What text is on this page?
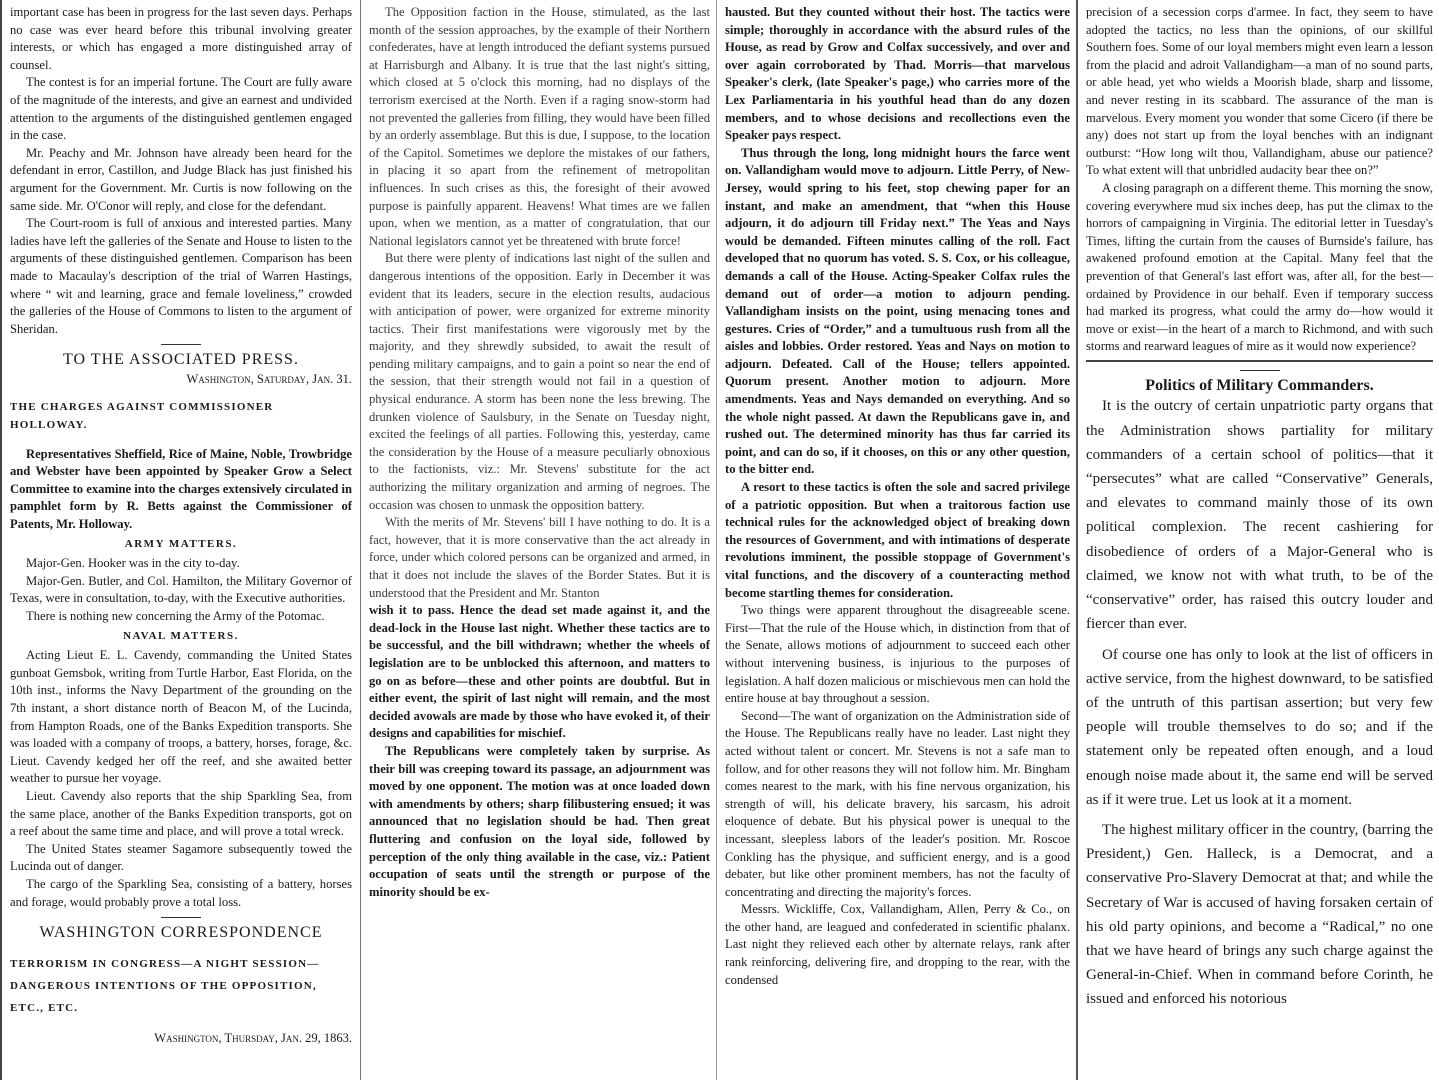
important case has been in progress for the last seven days. Perhaps no case was ever heard before this tribunal involving greater interests, or which has engaged a more distinguished array of counsel.

The contest is for an imperial fortune. The Court are fully aware of the magnitude of the interests, and give an earnest and undivided attention to the arguments of the distinguished gentlemen engaged in the case.

Mr. Peachy and Mr. Johnson have already been heard for the defendant in error, Castillon, and Judge Black has just finished his argument for the Government. Mr. Curtis is now following on the same side. Mr. O'Conor will reply, and close for the defendant.

The Court-room is full of anxious and interested parties. Many ladies have left the galleries of the Senate and House to listen to the arguments of these distinguished gentlemen. Comparison has been made to Macaulay's description of the trial of Warren Hastings, where “ wit and learning, grace and female loveliness,” crowded the galleries of the House of Commons to listen to the argument of Sheridan.

TO THE ASSOCIATED PRESS.

Washington, Saturday, Jan. 31.

THE CHARGES AGAINST COMMISSIONER HOLLOWAY.

Representatives Sheffield, Rice of Maine, Noble, Trowbridge and Webster have been appointed by Speaker Grow a Select Committee to examine into the charges extensively circulated in pamphlet form by R. Betts against the Commissioner of Patents, Mr. Holloway.

ARMY MATTERS.

Major-Gen. Hooker was in the city to-day.

Major-Gen. Butler, and Col. Hamilton, the Military Governor of Texas, were in consultation, to-day, with the Executive authorities.

There is nothing new concerning the Army of the Potomac.

NAVAL MATTERS.

Acting Lieut E. L. Cavendy, commanding the United States gunboat Gemsbok, writing from Turtle Harbor, East Florida, on the 10th inst., informs the Navy Department of the grounding on the 7th instant, a short distance north of Beacon M, of the Lucinda, from Hampton Roads, one of the Banks Expedition transports. She was loaded with a company of troops, a battery, horses, forage, &c. Lieut. Cavendy kedged her off the reef, and she awaited better weather to pursue her voyage.

Lieut. Cavendy also reports that the ship Sparkling Sea, from the same place, another of the Banks Expedition transports, got on a reef about the same time and place, and will prove a total wreck.

The United States steamer Sagamore subsequently towed the Lucinda out of danger.

The cargo of the Sparkling Sea, consisting of a battery, horses and forage, would probably prove a total loss.

WASHINGTON CORRESPONDENCE

TERRORISM IN CONGRESS—A NIGHT SESSION—DANGEROUS INTENTIONS OF THE OPPOSITION, ETC., ETC.

Washington, Thursday, Jan. 29, 1863.

The Opposition faction in the House, stimulated, as the last month of the session approaches, by the example of their Northern confederates, have at length introduced the defiant systems pursued at Harrisburgh and Albany. It is true that the last night's sitting, which closed at 5 o'clock this morning, had no displays of the terrorism exercised at the North. Even if a raging snow-storm had not prevented the galleries from filling, they would have been filled by an orderly assemblage. But this is due, I suppose, to the location of the Capitol. Sometimes we deplore the mistakes of our fathers, in placing it so apart from the refinement of metropolitan influences. In such crises as this, the foresight of their avowed purpose is painfully apparent. Heavens! What times are we fallen upon, when we mention, as a matter of congratulation, that our National legislators cannot yet be threatened with brute force!

But there were plenty of indications last night of the sullen and dangerous intentions of the opposition. Early in December it was evident that its leaders, secure in the election results, audacious with anticipation of power, were organized for extreme minority tactics. Their first manifestations were vigorously met by the majority, and they shrewdly subsided, to await the result of pending military campaigns, and to gain a point so near the end of the session, that their strength would not fail in a question of physical endurance. A storm has been none the less brewing. The drunken violence of Saulsbury, in the Senate on Tuesday night, excited the feelings of all parties. Following this, yesterday, came the consideration by the House of a measure peculiarly obnoxious to the factionists, viz.: Mr. Stevens' substitute for the act authorizing the military organization and arming of negroes. The occasion was chosen to unmask the opposition battery.

With the merits of Mr. Stevens' bill I have nothing to do. It is a fact, however, that it is more conservative than the act already in force, under which colored persons can be organized and armed, in that it does not include the slaves of the Border States. But it is understood that the President and Mr. Stanton

wish it to pass. Hence the dead set made against it, and the dead-lock in the House last night. Whether these tactics are to be successful, and the bill withdrawn; whether the wheels of legislation are to be unblocked this afternoon, and matters to go on as before—these and other points are doubtful. But in either event, the spirit of last night will remain, and the most decided avowals are made by those who have evoked it, of their designs and capabilities for mischief.

The Republicans were completely taken by surprise. As their bill was creeping toward its passage, an adjournment was moved by one opponent. The motion was at once loaded down with amendments by others; sharp filibustering ensued; it was announced that no legislation should be had. Then great fluttering and confusion on the loyal side, followed by perception of the only thing available in the case, viz.: Patient occupation of seats until the strength or purpose of the minority should be ex-

hausted. But they counted without their host. The tactics were simple; thoroughly in accordance with the absurd rules of the House, as read by Grow and Colfax successively, and over and over again corroborated by Thad. Morris—that marvelous Speaker's clerk, (late Speaker's page,) who carries more of the Lex Parliamentaria in his youthful head than do any dozen members, and to whose decisions and recollections even the Speaker pays respect.

Thus through the long, long midnight hours the farce went on. Vallandigham would move to adjourn. Little Perry, of New-Jersey, would spring to his feet, stop chewing paper for an instant, and make an amendment, that “when this House adjourn, it do adjourn till Friday next.” The Yeas and Nays would be demanded. Fifteen minutes calling of the roll. Fact developed that no quorum has voted. S. S. Cox, or his colleague, demands a call of the House. Acting-Speaker Colfax rules the demand out of order—a motion to adjourn pending. Vallandigham insists on the point, using menacing tones and gestures. Cries of “Order,” and a tumultuous rush from all the aisles and lobbies. Order restored. Yeas and Nays on motion to adjourn. Defeated. Call of the House; tellers appointed. Quorum present. Another motion to adjourn. More amendments. Yeas and Nays demanded on everything. And so the whole night passed. At dawn the Republicans gave in, and rushed out. The determined minority has thus far carried its point, and can do so, if it chooses, on this or any other question, to the bitter end.

A resort to these tactics is often the sole and sacred privilege of a patriotic opposition. But when a traitorous faction use technical rules for the acknowledged object of breaking down the resources of Government, and with intimations of desperate revolutions imminent, the possible stoppage of Government's vital functions, and the discovery of a counteracting method become startling themes for consideration.

Two things were apparent throughout the disagreeable scene. First—That the rule of the House which, in distinction from that of the Senate, allows motions of adjournment to succeed each other without intervening business, is injurious to the purposes of legislation. A half dozen malicious or mischievous men can hold the entire house at bay throughout a session.

Second—The want of organization on the Administration side of the House. The Republicans really have no leader. Last night they acted without talent or concert. Mr. Stevens is not a safe man to follow, and for other reasons they will not follow him. Mr. Bingham comes nearest to the mark, with his fine nervous organization, his strength of will, his delicate bravery, his sarcasm, his adroit eloquence of debate. But his physical power is unequal to the incessant, sleepless labors of the leader's position. Mr. Roscoe Conkling has the physique, and sufficient energy, and is a good debater, but like other prominent members, has not the faculty of concentrating and directing the majority's forces.

Messrs. Wickliffe, Cox, Vallandigham, Allen, Perry & Co., on the other hand, are leagued and confederated in scientific phalanx. Last night they relieved each other by alternate relays, rank after rank reinforcing, delivering fire, and dropping to the rear, with the condensed

precision of a secession corps d'armee. In fact, they seem to have adopted the tactics, no less than the opinions, of our skillful Southern foes. Some of our loyal members might even learn a lesson from the placid and adroit Vallandigham—a man of no sound parts, or able head, yet who wields a Moorish blade, sharp and lissome, and never resting in its scabbard. The assurance of the man is marvelous. Every moment you wonder that some Cicero (if there be any) does not start up from the loyal benches with an indignant outburst: “How long wilt thou, Vallandigham, abuse our patience? To what extent will that unbridled audacity bear thee on?”

A closing paragraph on a different theme. This morning the snow, covering everywhere mud six inches deep, has put the climax to the horrors of campaigning in Virginia. The editorial letter in Tuesday's Times, lifting the curtain from the causes of Burnside's failure, has awakened profound emotion at the Capital. Many feel that the prevention of that General's last effort was, after all, for the best—ordained by Providence in our behalf. Even if temporary success had marked its progress, what could the army do—how would it move or exist—in the heart of a march to Richmond, and with such storms and rearward leagues of mire as it would now experience?

Politics of Military Commanders.

It is the outcry of certain unpatriotic party organs that the Administration shows partiality for military commanders of a certain school of politics—that it “persecutes” what are called “Conservative” Generals, and elevates to command mainly those of its own political complexion. The recent cashiering for disobedience of orders of a Major-General who is claimed, we know not with what truth, to be of the “conservative” order, has raised this outcry louder and fiercer than ever.

Of course one has only to look at the list of officers in active service, from the highest downward, to be satisfied of the untruth of this partisan assertion; but very few people will trouble themselves to do so; and if the statement only be repeated often enough, and a loud enough noise made about it, the same end will be served as if it were true. Let us look at it a moment.

The highest military officer in the country, (barring the President,) Gen. Halleck, is a Democrat, and a conservative Pro-Slavery Democrat at that; and while the Secretary of War is accused of having forsaken certain of his old party opinions, and become a “Radical,” no one that we have heard of brings any such charge against the General-in-Chief. When in command before Corinth, he issued and enforced his notorious
